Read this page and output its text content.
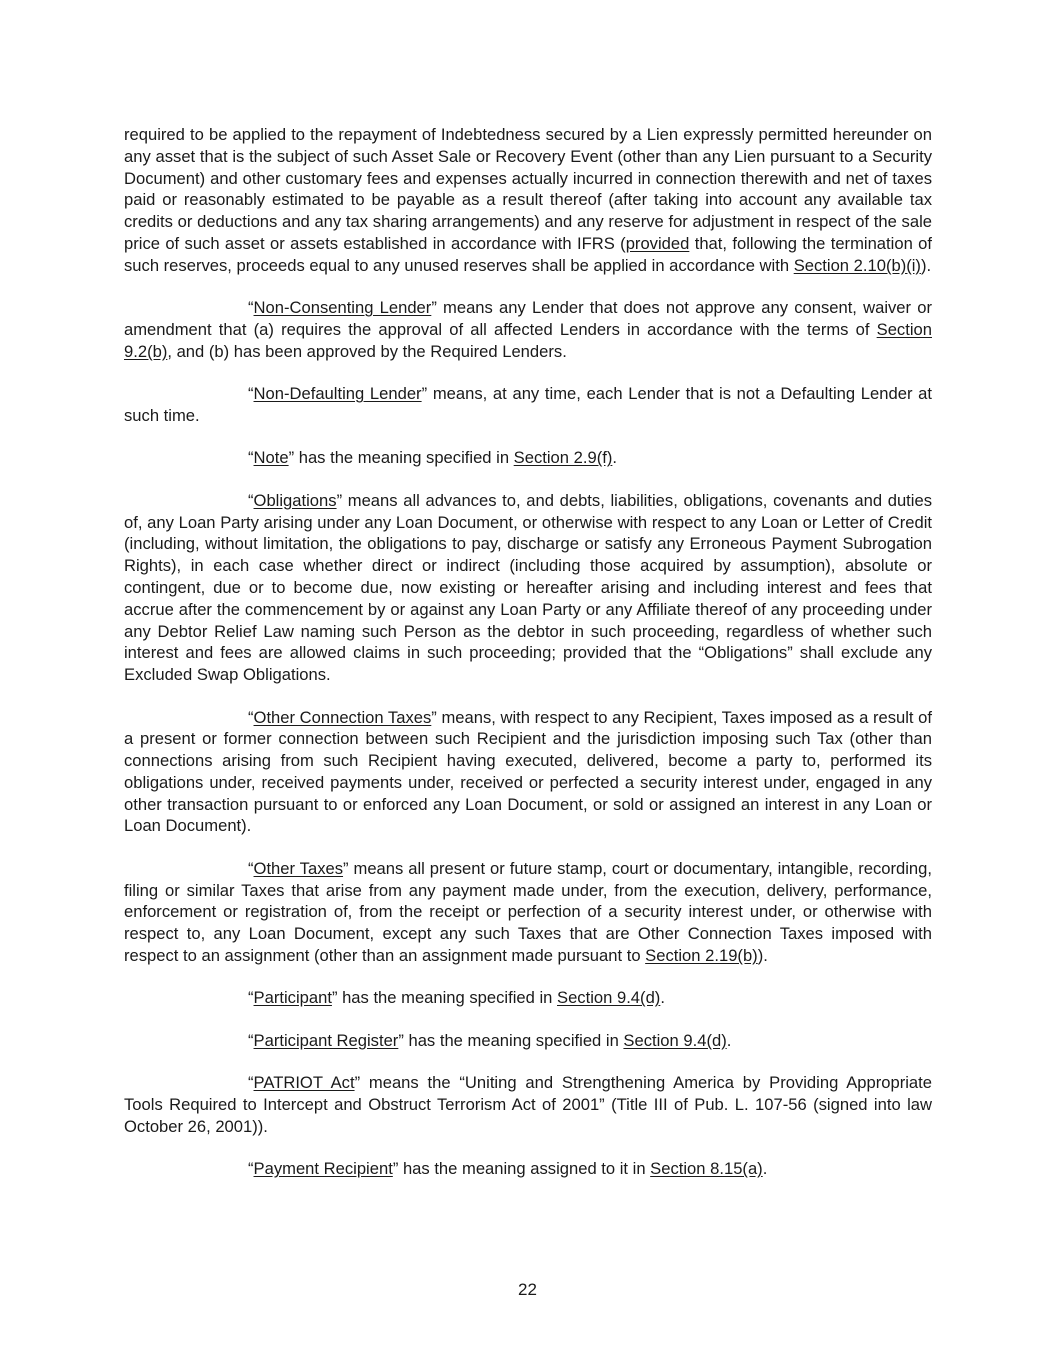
required to be applied to the repayment of Indebtedness secured by a Lien expressly permitted hereunder on any asset that is the subject of such Asset Sale or Recovery Event (other than any Lien pursuant to a Security Document) and other customary fees and expenses actually incurred in connection therewith and net of taxes paid or reasonably estimated to be payable as a result thereof (after taking into account any available tax credits or deductions and any tax sharing arrangements) and any reserve for adjustment in respect of the sale price of such asset or assets established in accordance with IFRS (provided that, following the termination of such reserves, proceeds equal to any unused reserves shall be applied in accordance with Section 2.10(b)(i)).

“Non-Consenting Lender” means any Lender that does not approve any consent, waiver or amendment that (a) requires the approval of all affected Lenders in accordance with the terms of Section 9.2(b), and (b) has been approved by the Required Lenders.

“Non-Defaulting Lender” means, at any time, each Lender that is not a Defaulting Lender at such time.

“Note” has the meaning specified in Section 2.9(f).

“Obligations” means all advances to, and debts, liabilities, obligations, covenants and duties of, any Loan Party arising under any Loan Document, or otherwise with respect to any Loan or Letter of Credit (including, without limitation, the obligations to pay, discharge or satisfy any Erroneous Payment Subrogation Rights), in each case whether direct or indirect (including those acquired by assumption), absolute or contingent, due or to become due, now existing or hereafter arising and including interest and fees that accrue after the commencement by or against any Loan Party or any Affiliate thereof of any proceeding under any Debtor Relief Law naming such Person as the debtor in such proceeding, regardless of whether such interest and fees are allowed claims in such proceeding; provided that the “Obligations” shall exclude any Excluded Swap Obligations.

“Other Connection Taxes” means, with respect to any Recipient, Taxes imposed as a result of a present or former connection between such Recipient and the jurisdiction imposing such Tax (other than connections arising from such Recipient having executed, delivered, become a party to, performed its obligations under, received payments under, received or perfected a security interest under, engaged in any other transaction pursuant to or enforced any Loan Document, or sold or assigned an interest in any Loan or Loan Document).

“Other Taxes” means all present or future stamp, court or documentary, intangible, recording, filing or similar Taxes that arise from any payment made under, from the execution, delivery, performance, enforcement or registration of, from the receipt or perfection of a security interest under, or otherwise with respect to, any Loan Document, except any such Taxes that are Other Connection Taxes imposed with respect to an assignment (other than an assignment made pursuant to Section 2.19(b)).

“Participant” has the meaning specified in Section 9.4(d).

“Participant Register” has the meaning specified in Section 9.4(d).

“PATRIOT Act” means the “Uniting and Strengthening America by Providing Appropriate Tools Required to Intercept and Obstruct Terrorism Act of 2001” (Title III of Pub. L. 107-56 (signed into law October 26, 2001)).

“Payment Recipient” has the meaning assigned to it in Section 8.15(a).

22
